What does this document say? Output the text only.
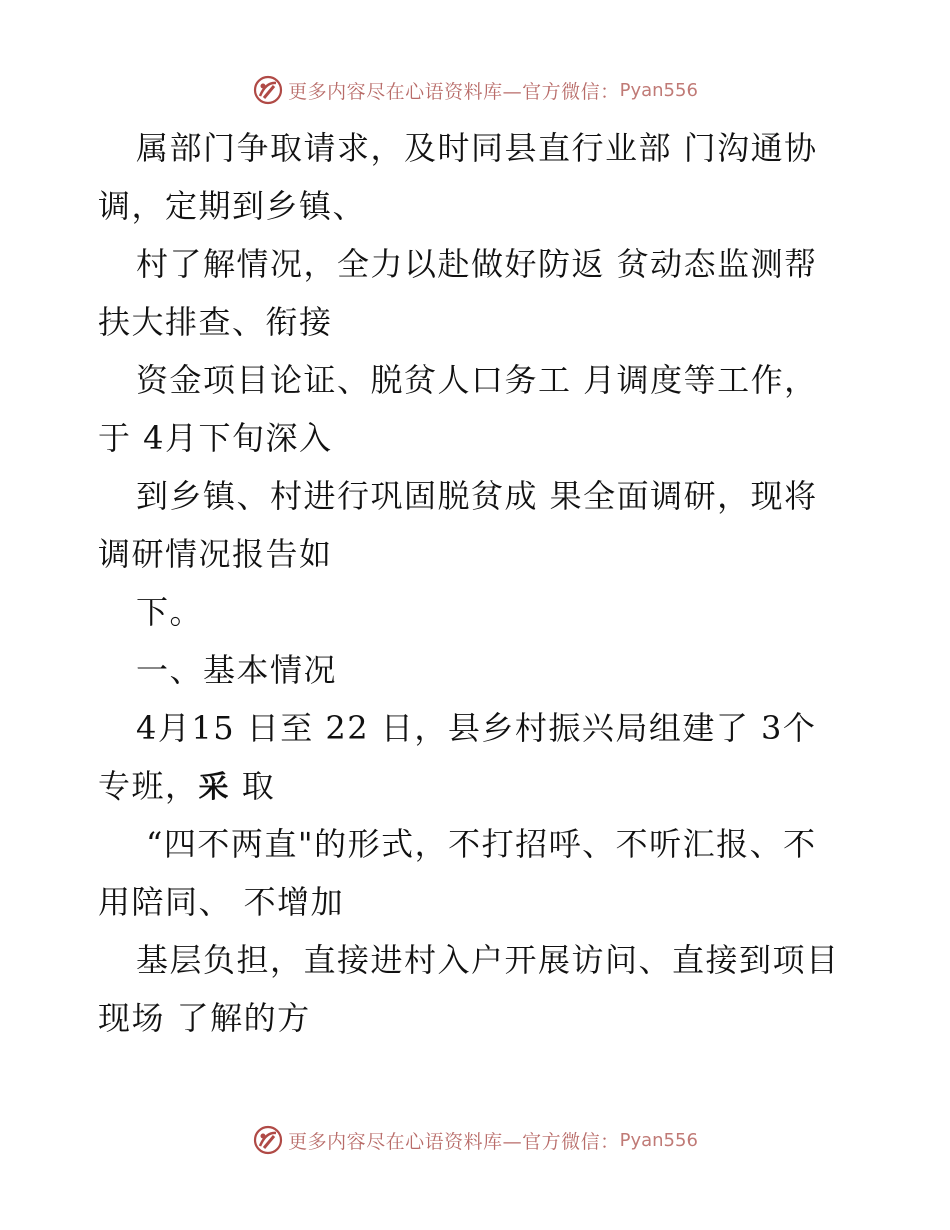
更多内容尽在心语资料库—官方微信： Pyan556
属部门争取请求，及时同县直行业部 门沟通协
调，定期到乡镇、
村了解情况，全力以赴做好防返 贫动态监测帮
扶大排查、衔接
资金项目论证、脱贫人口务工 月调度等工作，
于 4月下旬深入
到乡镇、村进行巩固脱贫成 果全面调研，现将
调研情况报告如
下。
一、基本情况
4月15 日至 22 日，县乡村振兴局组建了 3个
专班，采 取
“四不两直"的形式，不打招呼、不听汇报、不
用陪同、 不增加
基层负担，直接进村入户开展访问、直接到项目
现场 了解的方
更多内容尽在心语资料库—官方微信： Pyan556
